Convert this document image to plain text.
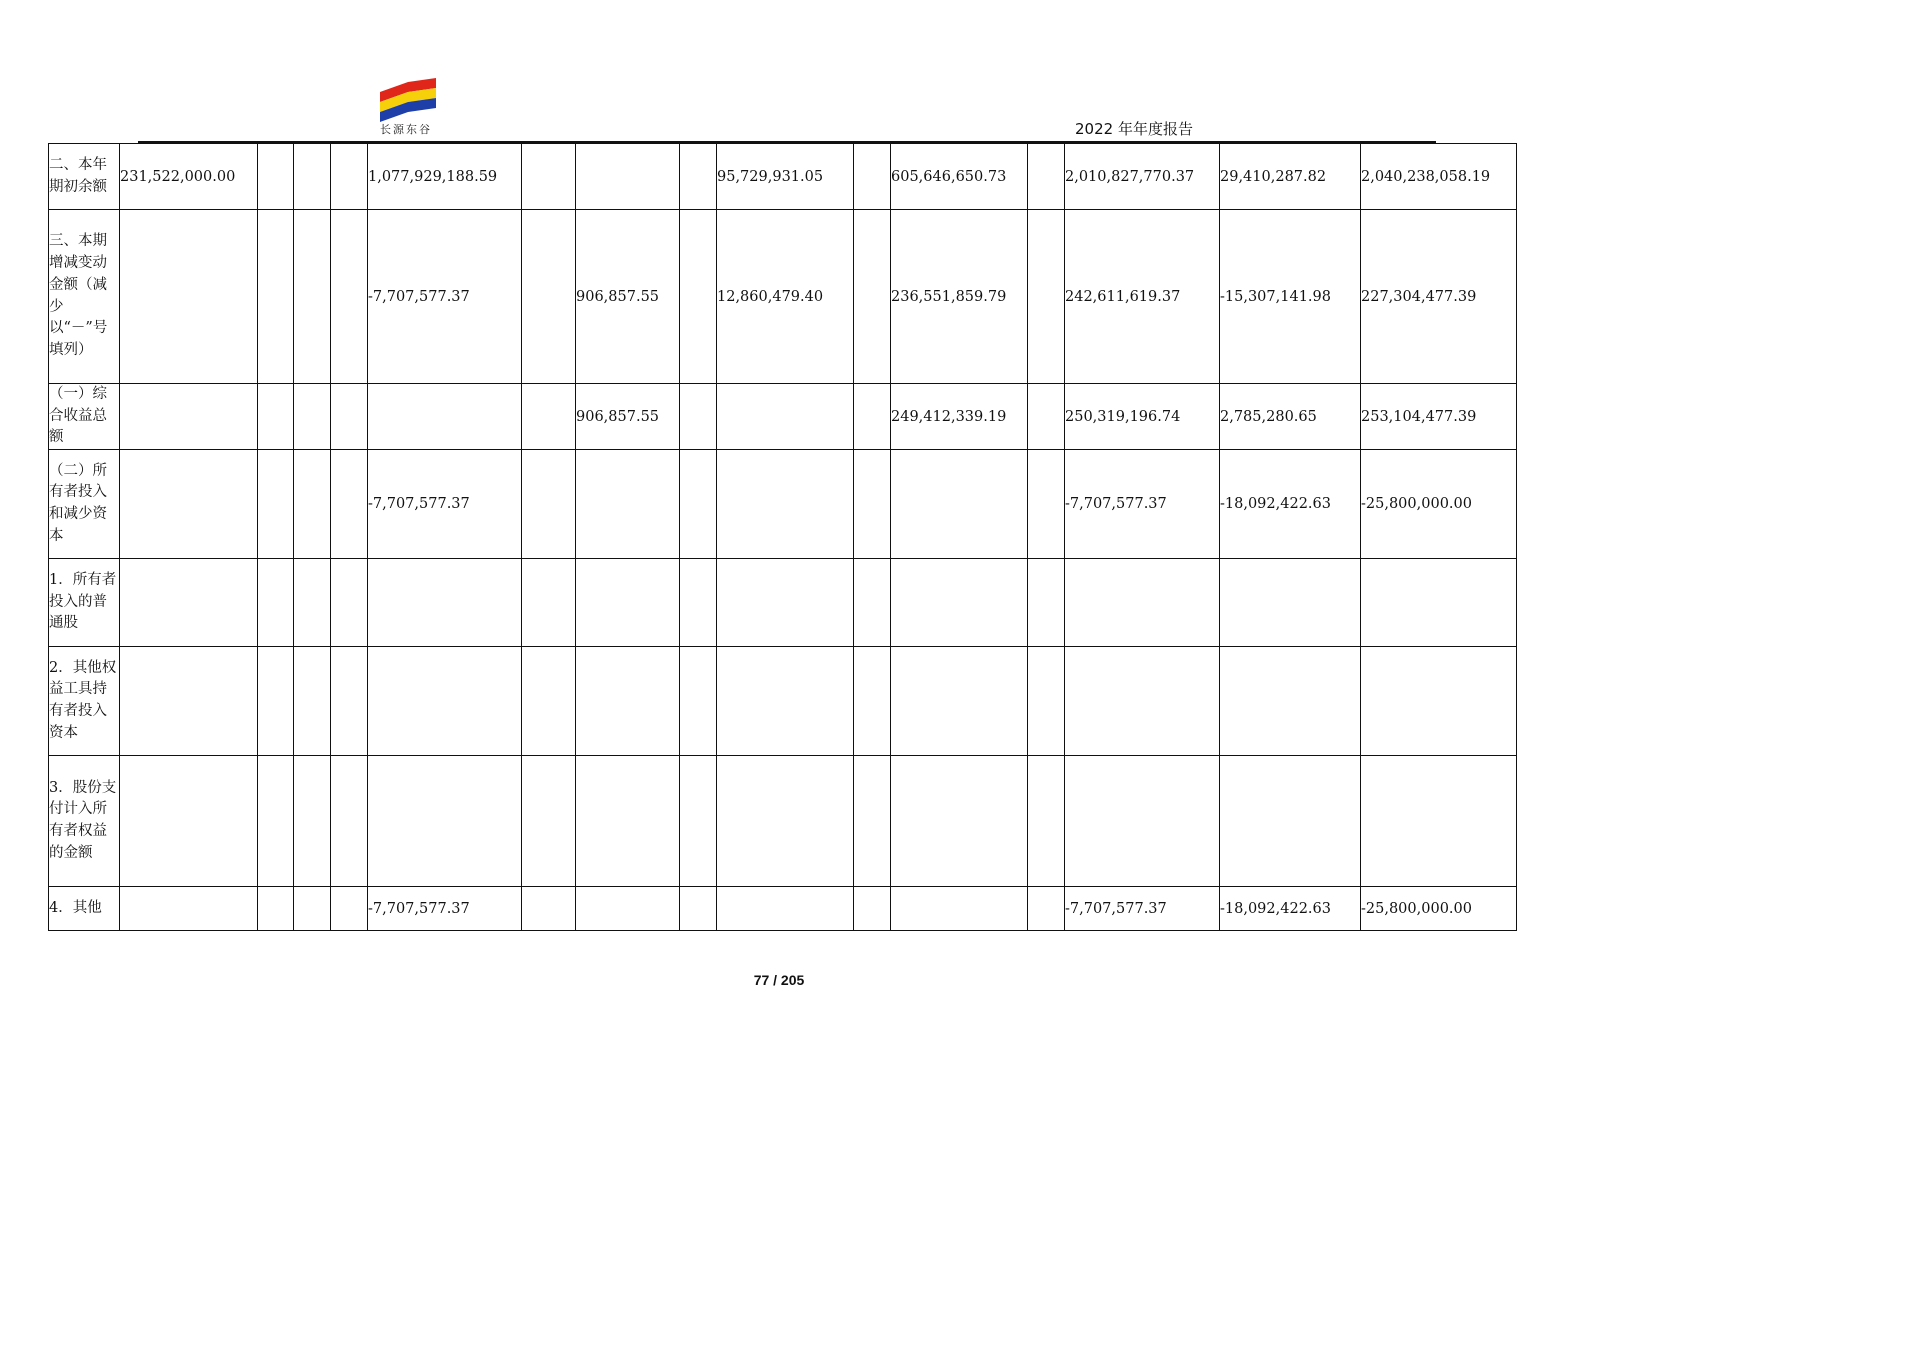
长源东谷	2022 年年度报告
二、本年期初余额	231,522,000.00				1,077,929,188.59				95,729,931.05		605,646,650.73		2,010,827,770.37	29,410,287.82	2,040,238,058.19
三、本期增减变动金额（减少以“－”号填列）					-7,707,577.37		906,857.55		12,860,479.40		236,551,859.79		242,611,619.37	-15,307,141.98	227,304,477.39
（一）综合收益总额							906,857.55				249,412,339.19		250,319,196.74	2,785,280.65	253,104,477.39
（二）所有者投入和减少资本					-7,707,577.37								-7,707,577.37	-18,092,422.63	-25,800,000.00
1．所有者投入的普通股															
2．其他权益工具持有者投入资本															
3．股份支付计入所有者权益的金额															
4．其他					-7,707,577.37								-7,707,577.37	-18,092,422.63	-25,800,000.00
77 / 205
